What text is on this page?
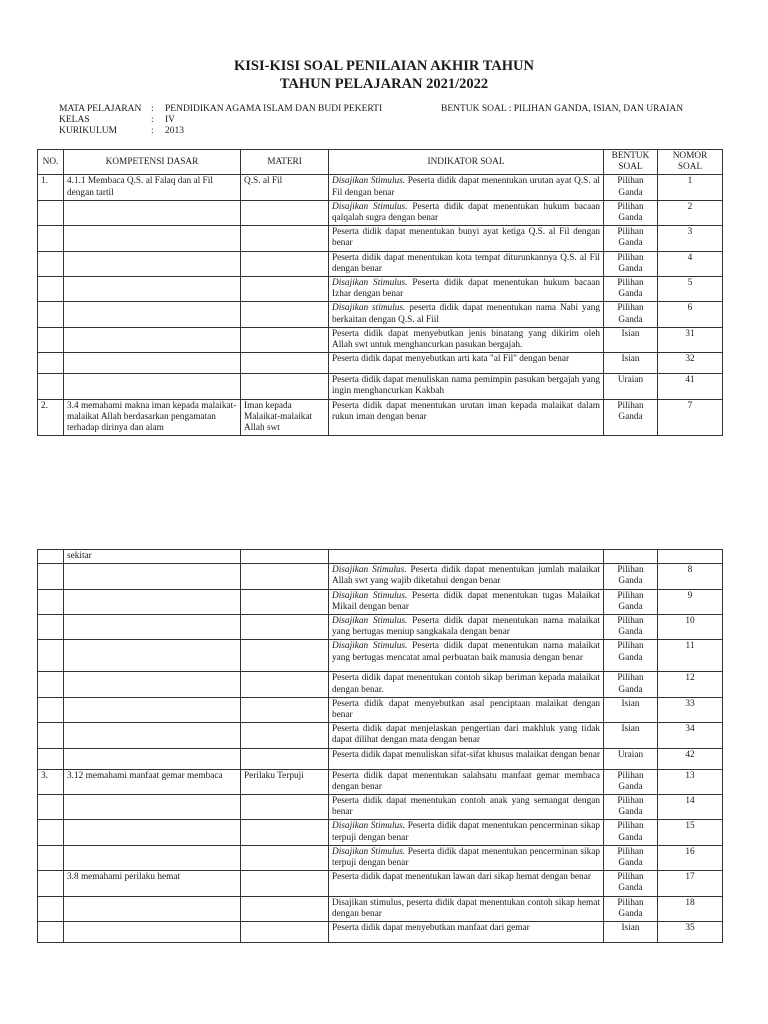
KISI-KISI SOAL PENILAIAN AKHIR TAHUN
TAHUN PELAJARAN 2021/2022
MATA PELAJARAN : PENDIDIKAN AGAMA ISLAM DAN BUDI PEKERTI	BENTUK SOAL : PILIHAN GANDA, ISIAN, DAN URAIAN
KELAS	: IV
KURIKULUM	: 2013
NO.	KOMPETENSI DASAR	MATERI	INDIKATOR SOAL	BENTUK SOAL	NOMOR SOAL
1.	4.1.1 Membaca Q.S. al Falaq dan al Fil dengan tartil	Q.S. al Fil	Disajikan Stimulus. Peserta didik dapat menentukan urutan ayat Q.S. al Fil dengan benar	Pilihan Ganda	1
			Disajikan Stimulus. Peserta didik dapat menentukan hukum bacaan qalqalah sugra dengan benar	Pilihan Ganda	2
			Peserta didik dapat menentukan bunyi ayat ketiga Q.S. al Fil dengan benar	Pilihan Ganda	3
			Peserta didik dapat menentukan kota tempat diturunkannya Q.S. al Fil dengan benar	Pilihan Ganda	4
			Disajikan Stimulus. Peserta didik dapat menentukan hukum bacaan Izhar dengan benar	Pilihan Ganda	5
			Disajikan stimulus. peserta didik dapat menentukan nama Nabi yang berkaitan dengan Q.S. al Fiil	Pilihan Ganda	6
			Peserta didik dapat menyebutkan jenis binatang yang dikirim oleh Allah swt untuk menghancurkan pasukan bergajah.	Isian	31
			Peserta didik dapat menyebutkan arti kata "al Fil" dengan benar	Isian	32
			Peserta didik dapat menuliskan nama pemimpin pasukan bergajah yang ingin menghancurkan Kakbah	Uraian	41
2.	3.4 memahami makna iman kepada malaikat-malaikat Allah berdasarkan pengamatan terhadap dirinya dan alam	Iman kepada Malaikat-malaikat Allah swt	Peserta didik dapat menentukan urutan iman kepada malaikat dalam rukun iman dengan benar	Pilihan Ganda	7
	sekitar				
			Disajikan Stimulus. Peserta didik dapat menentukan jumlah malaikat Allah swt yang wajib diketahui dengan benar	Pilihan Ganda	8
			Disajikan Stimulus. Peserta didik dapat menentukan tugas Malaikat Mikail dengan benar	Pilihan Ganda	9
			Disajikan Stimulus. Peserta didik dapat menentukan nama malaikat yang bertugas meniup sangkakala dengan benar	Pilihan Ganda	10
			Disajikan Stimulus. Peserta didik dapat menentukan nama malaikat yang bertugas mencatat amal perbuatan baik manusia dengan benar	Pilihan Ganda	11
			Peserta didik dapat menentukan contoh sikap beriman kepada malaikat dengan benar.	Pilihan Ganda	12
			Peserta didik dapat menyebutkan asal penciptaan malaikat dengan benar	Isian	33
			Peserta didik dapat menjelaskan pengertian dari makhluk yang tidak dapat dilihat dengan mata dengan benar	Isian	34
			Peserta didik dapat menuliskan sifat-sifat khusus malaikat dengan benar	Uraian	42
3.	3.12 memahami manfaat gemar membaca	Perilaku Terpuji	Peserta didik dapat menentukan salahsatu manfaat gemar membaca dengan benar	Pilihan Ganda	13
			Peserta didik dapat menentukan contoh anak yang semangat dengan benar	Pilihan Ganda	14
			Disajikan Stimulus. Peserta didik dapat menentukan pencerminan sikap terpuji dengan benar	Pilihan Ganda	15
			Disajikan Stimulus. Peserta didik dapat menentukan pencerminan sikap terpuji dengan benar	Pilihan Ganda	16
	3.8 memahami perilaku hemat		Peserta didik dapat menentukan lawan dari sikap hemat dengan benar	Pilihan Ganda	17
			Disajikan stimulus, peserta didik dapat menentukan contoh sikap hemat dengan benar	Pilihan Ganda	18
			Peserta didik dapat menyebutkan manfaat dari gemar	Isian	35
